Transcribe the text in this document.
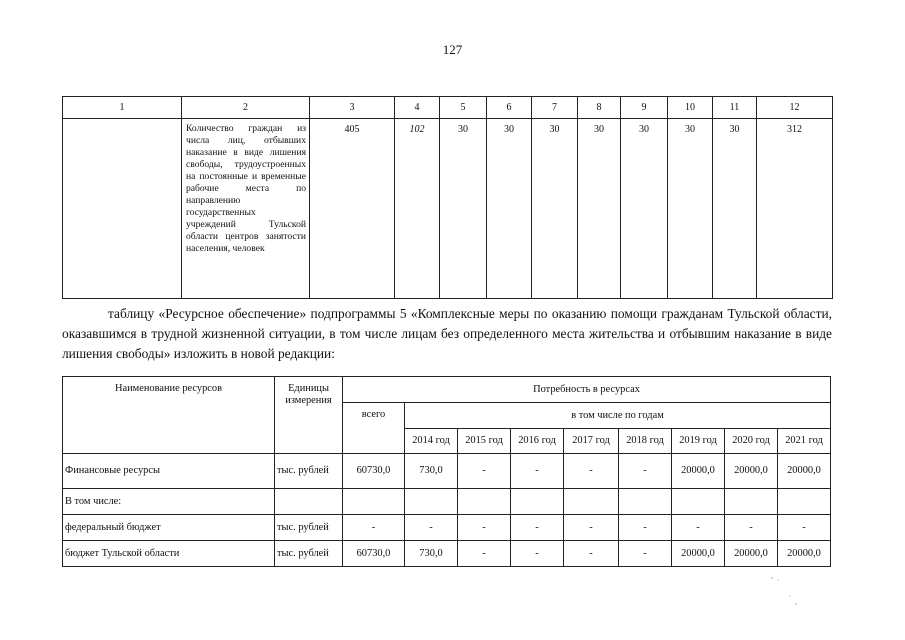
127
1	2	3	4	5	6	7	8	9	10	11	12
	Количество граждан из числа лиц, отбывших наказание в виде лишения свободы, трудоустроенных на постоянные и временные рабочие места по направлению государственных учреждений Тульской области центров занятости населения, человек	405	102	30	30	30	30	30	30	30	312
таблицу «Ресурсное обеспечение» подпрограммы 5 «Комплексные меры по оказанию помощи гражданам Тульской области, оказавшимся в трудной жизненной ситуации, в том числе лицам без определенного места жительства и отбывшим наказание в виде лишения свободы» изложить в новой редакции:
Наименование ресурсов	Единицы измерения	Потребность в ресурсах								
		всего	в том числе по годам							
			2014 год	2015 год	2016 год	2017 год	2018 год	2019 год	2020 год	2021 год
Финансовые ресурсы	тыс. рублей	60730,0	730,0	-	-	-	-	20000,0	20000,0	20000,0
В том числе:										
федеральный бюджет	тыс. рублей	-	-	-	-	-	-	-	-	-
бюджет Тульской области	тыс. рублей	60730,0	730,0	-	-	-	-	20000,0	20000,0	20000,0
